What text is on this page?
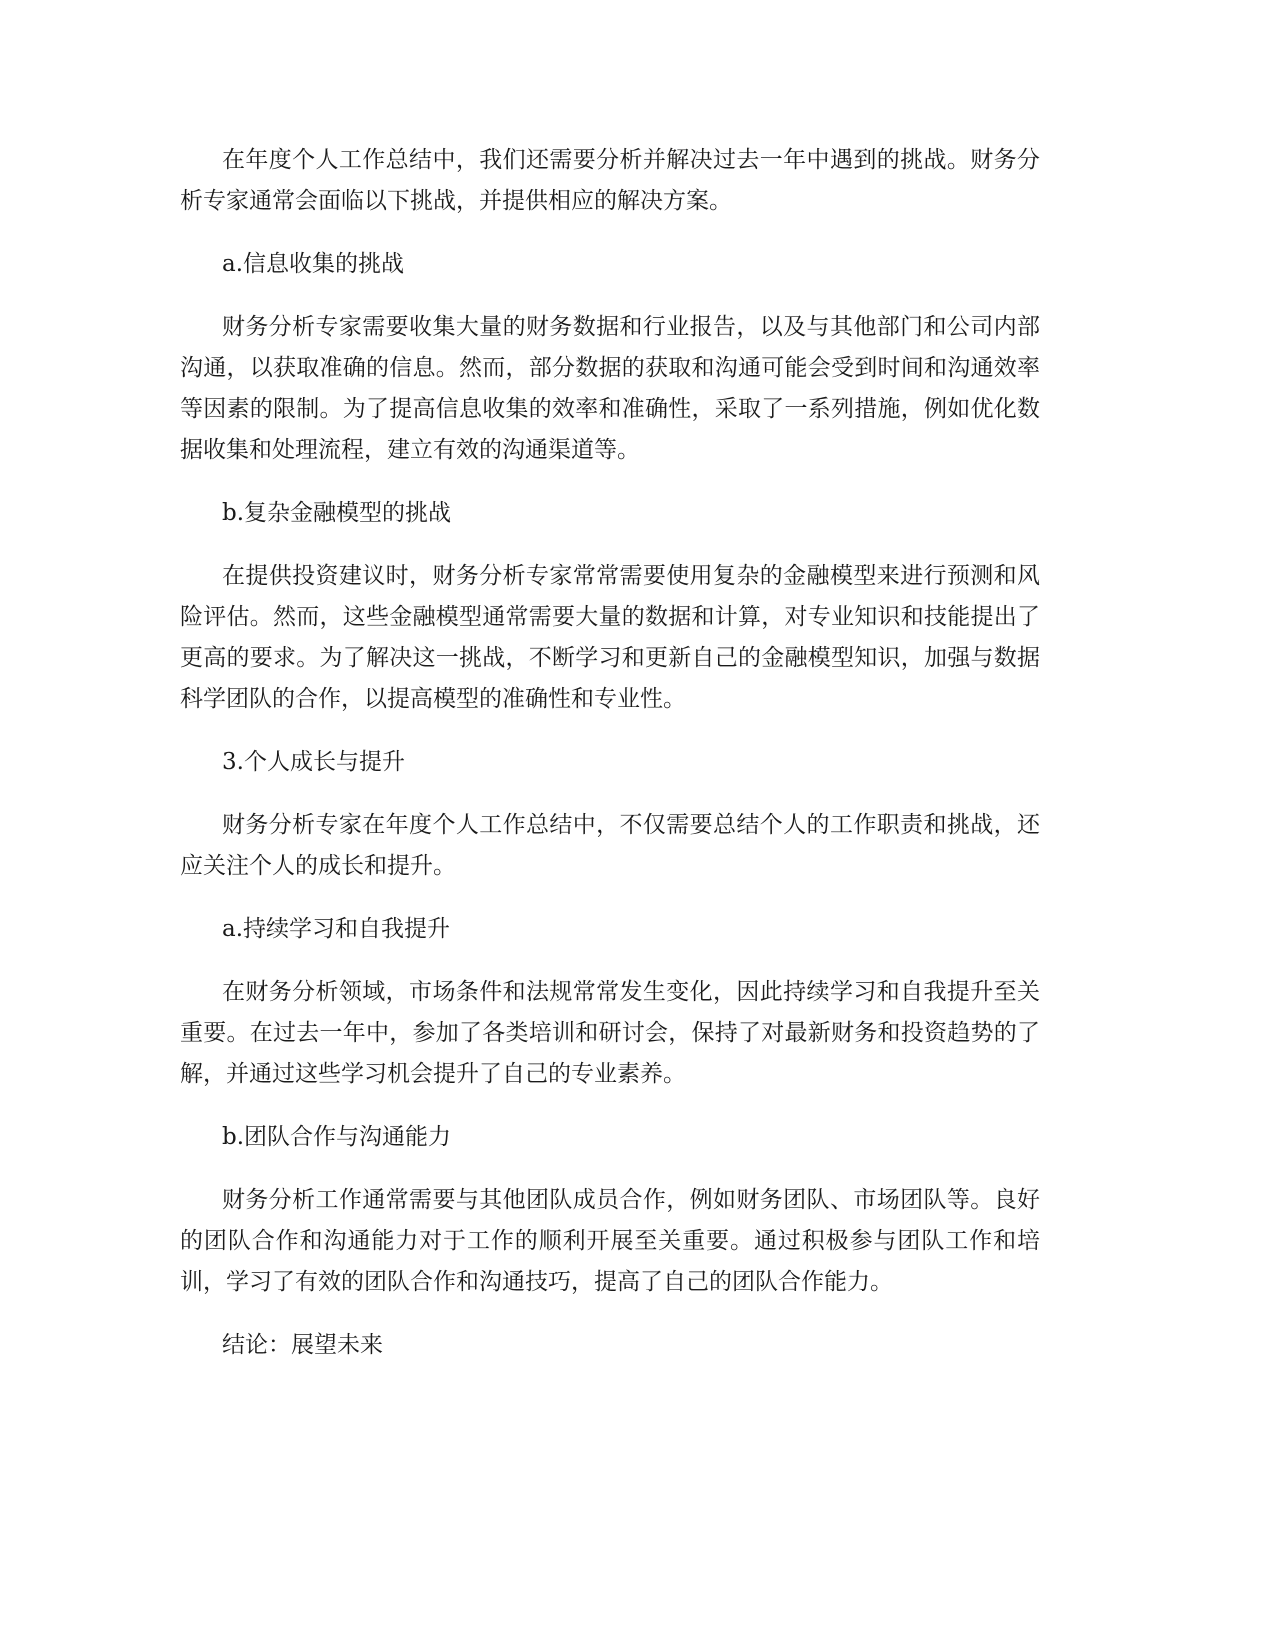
在年度个人工作总结中，我们还需要分析并解决过去一年中遇到的挑战。财务分析专家通常会面临以下挑战，并提供相应的解决方案。

a.信息收集的挑战

财务分析专家需要收集大量的财务数据和行业报告，以及与其他部门和公司内部沟通，以获取准确的信息。然而，部分数据的获取和沟通可能会受到时间和沟通效率等因素的限制。为了提高信息收集的效率和准确性，采取了一系列措施，例如优化数据收集和处理流程，建立有效的沟通渠道等。

b.复杂金融模型的挑战

在提供投资建议时，财务分析专家常常需要使用复杂的金融模型来进行预测和风险评估。然而，这些金融模型通常需要大量的数据和计算，对专业知识和技能提出了更高的要求。为了解决这一挑战，不断学习和更新自己的金融模型知识，加强与数据科学团队的合作，以提高模型的准确性和专业性。

3.个人成长与提升

财务分析专家在年度个人工作总结中，不仅需要总结个人的工作职责和挑战，还应关注个人的成长和提升。

a.持续学习和自我提升

在财务分析领域，市场条件和法规常常发生变化，因此持续学习和自我提升至关重要。在过去一年中，参加了各类培训和研讨会，保持了对最新财务和投资趋势的了解，并通过这些学习机会提升了自己的专业素养。

b.团队合作与沟通能力

财务分析工作通常需要与其他团队成员合作，例如财务团队、市场团队等。良好的团队合作和沟通能力对于工作的顺利开展至关重要。通过积极参与团队工作和培训，学习了有效的团队合作和沟通技巧，提高了自己的团队合作能力。

结论：展望未来
